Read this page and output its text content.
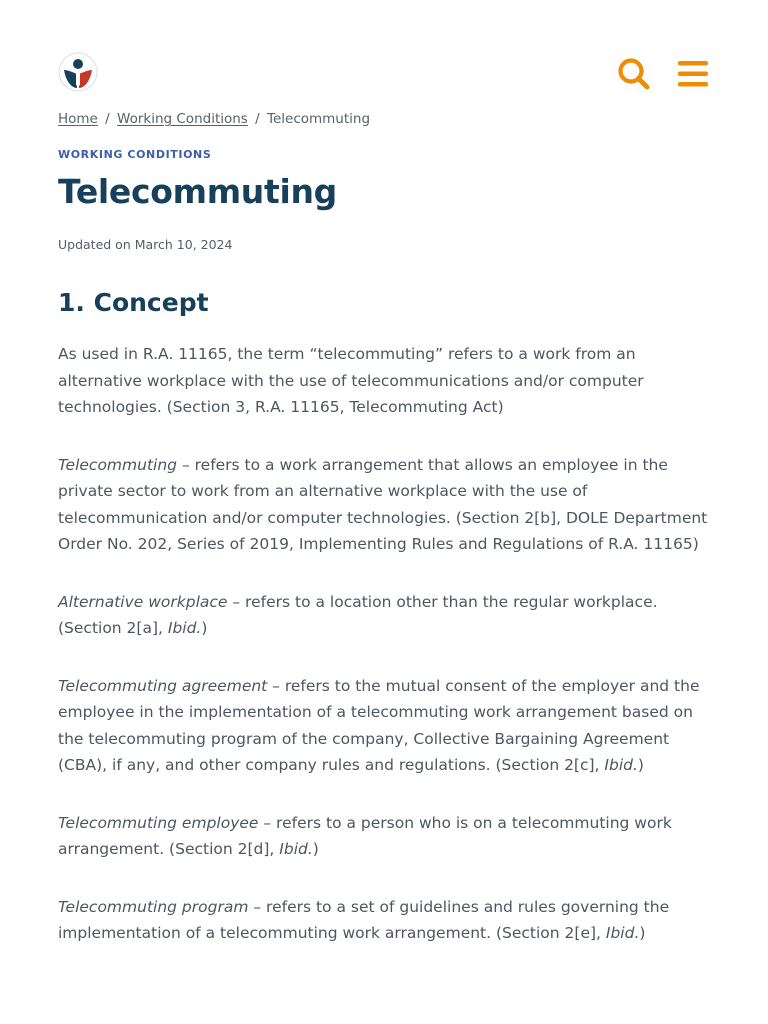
Home / Working Conditions / Telecommuting
WORKING CONDITIONS
Telecommuting
Updated on March 10, 2024
1. Concept

As used in R.A. 11165, the term “telecommuting” refers to a work from an alternative workplace with the use of telecommunications and/or computer technologies. (Section 3, R.A. 11165, Telecommuting Act)

Telecommuting – refers to a work arrangement that allows an employee in the private sector to work from an alternative workplace with the use of telecommunication and/or computer technologies. (Section 2[b], DOLE Department Order No. 202, Series of 2019, Implementing Rules and Regulations of R.A. 11165)

Alternative workplace – refers to a location other than the regular workplace. (Section 2[a], Ibid.)

Telecommuting agreement – refers to the mutual consent of the employer and the employee in the implementation of a telecommuting work arrangement based on the telecommuting program of the company, Collective Bargaining Agreement (CBA), if any, and other company rules and regulations. (Section 2[c], Ibid.)

Telecommuting employee – refers to a person who is on a telecommuting work arrangement. (Section 2[d], Ibid.)

Telecommuting program – refers to a set of guidelines and rules governing the implementation of a telecommuting work arrangement. (Section 2[e], Ibid.)
